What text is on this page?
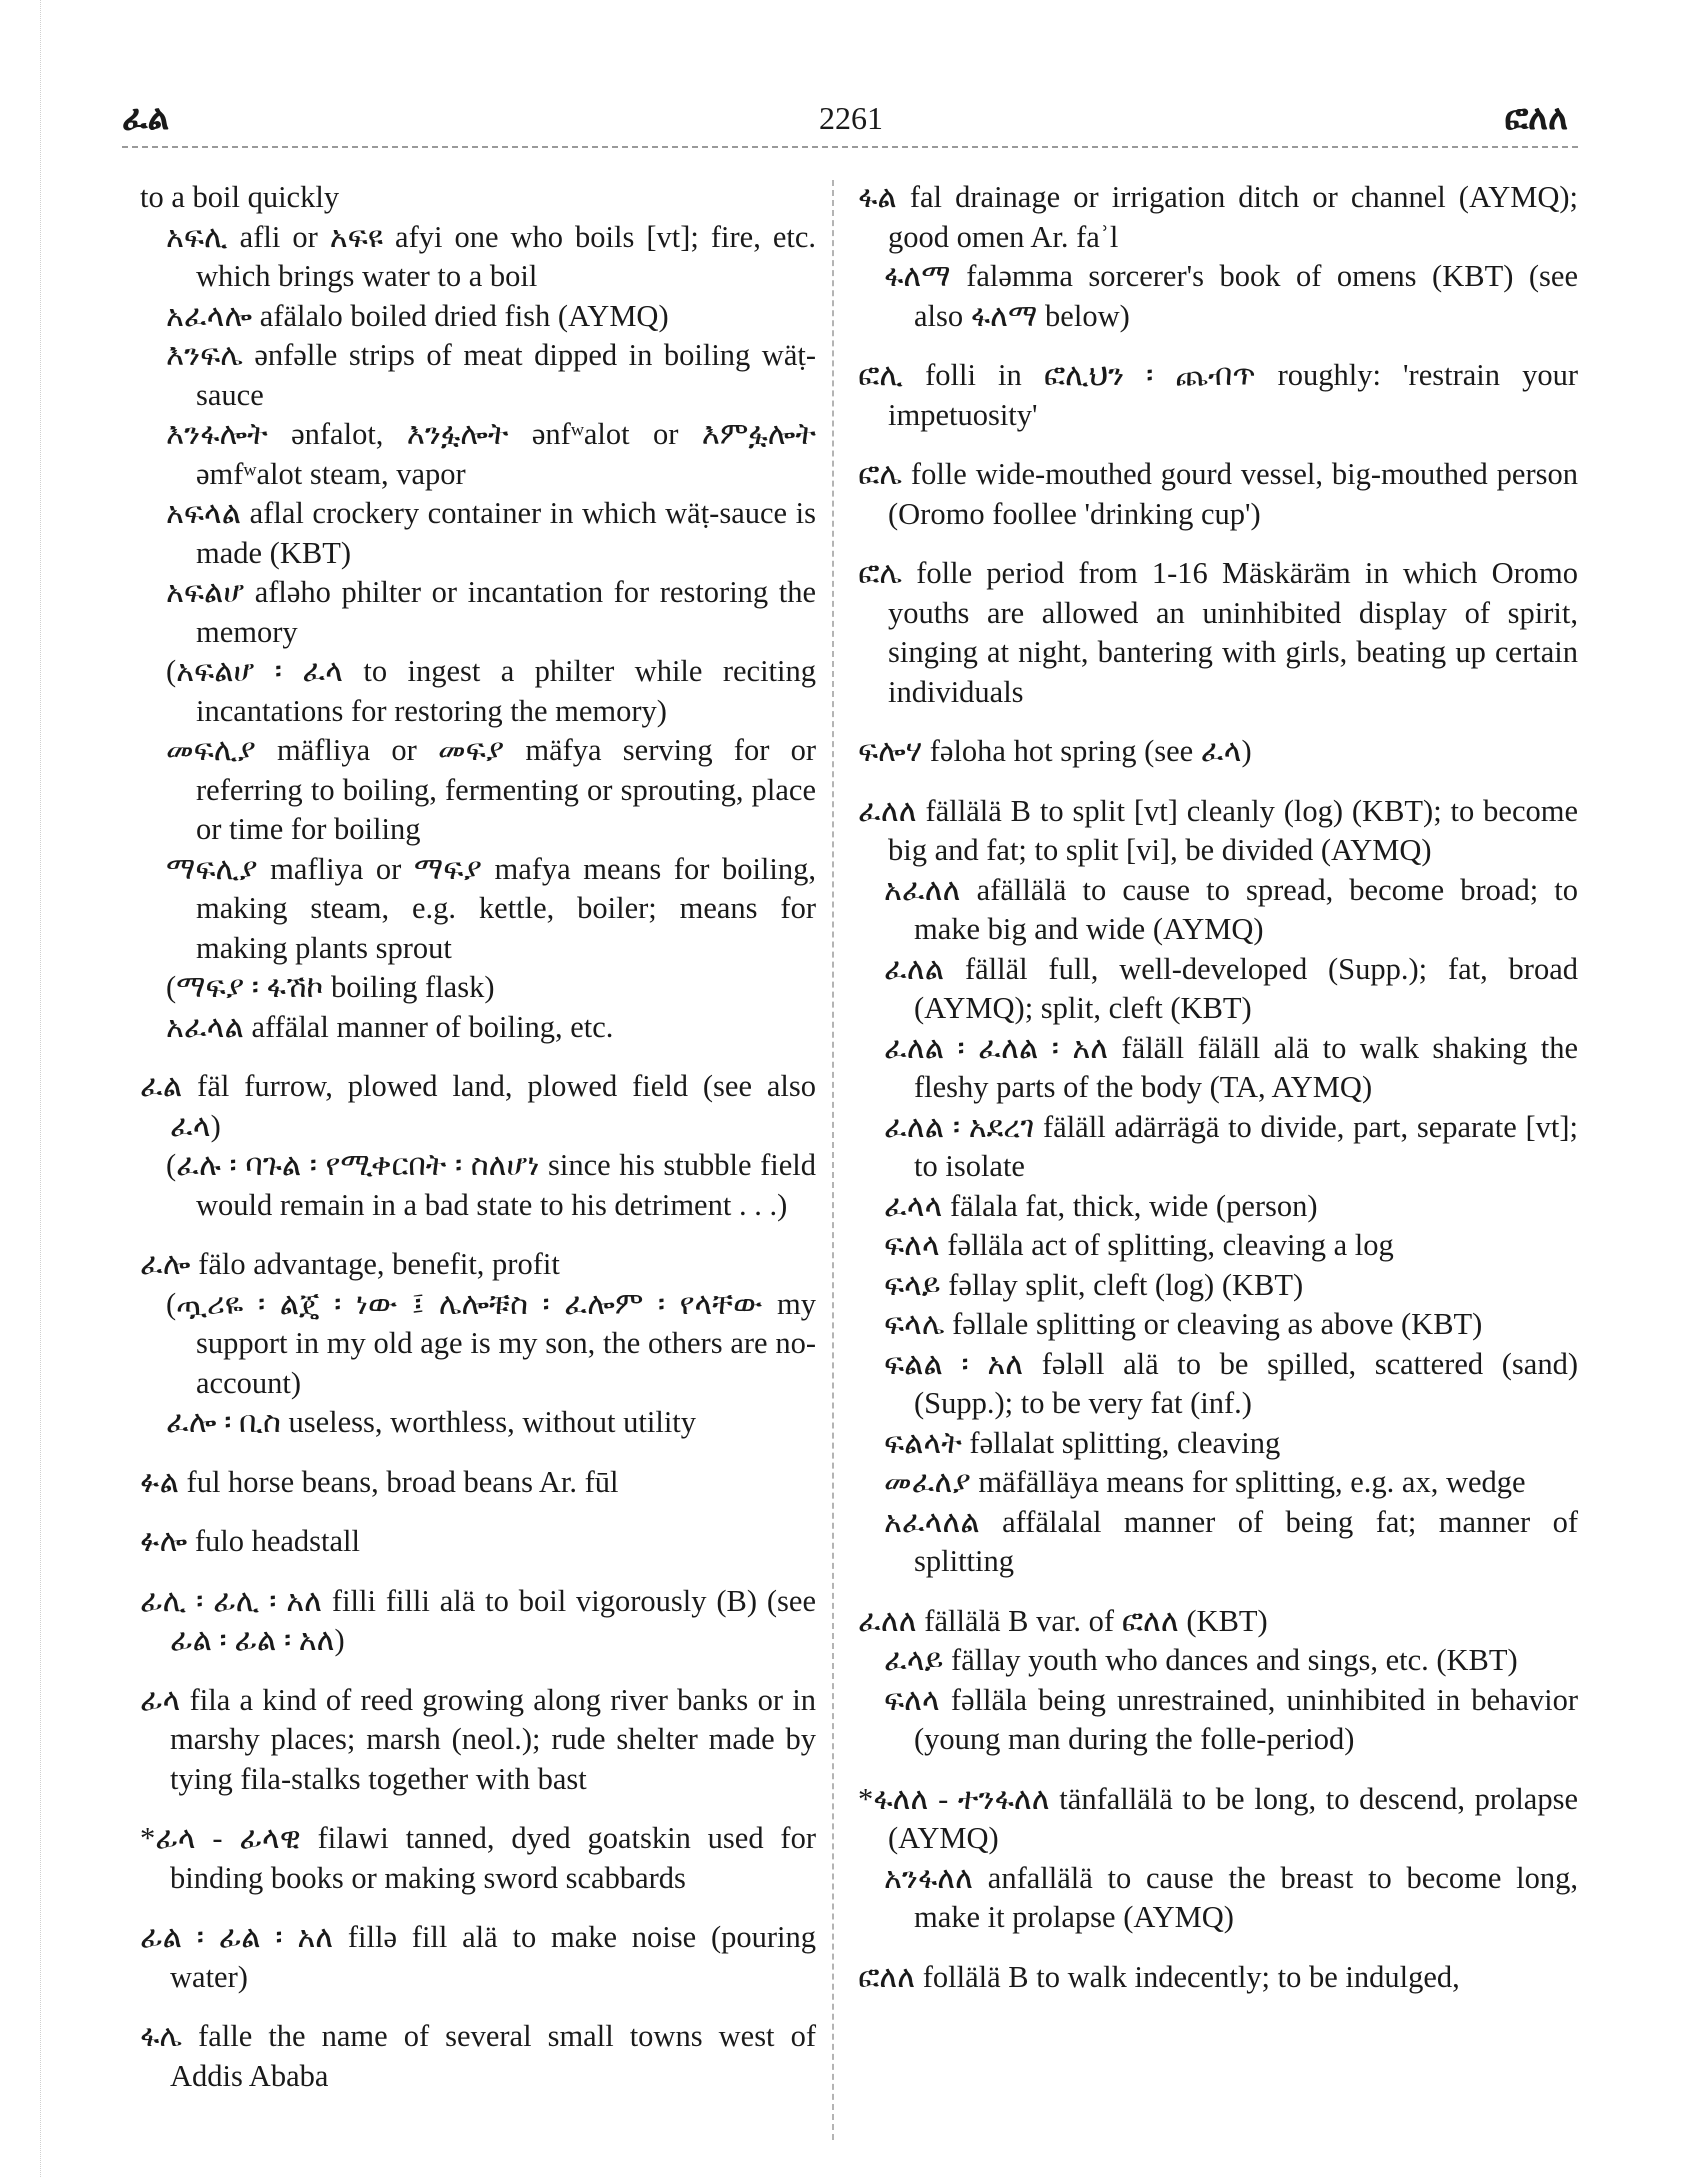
ፈል	2261	ፎለለ
to a boil quickly
አፍሊ afli or አፍዩ afyi one who boils [vt]; fire, etc. which brings water to a boil
አፈላሎ afälalo boiled dried fish (AYMQ)
እንፍሌ ənfəlle strips of meat dipped in boiling wäṭ-sauce
እንፋሎት ənfalot, እንፏሎት ənfʷalot or እምፏሎት əmfʷalot steam, vapor
አፍላል aflal crockery container in which wäṭ-sauce is made (KBT)
አፍልሆ afləho philter or incantation for restoring the memory
(አፍልሆ ፡ ፈላ to ingest a philter while reciting incantations for restoring the memory)
መፍሊያ mäfliya or መፍያ mäfya serving for or referring to boiling, fermenting or sprouting, place or time for boiling
ማፍሊያ mafliya or ማፍያ mafya means for boiling, making steam, e.g. kettle, boiler; means for making plants sprout
(ማፍያ ፡ ፋሽኮ boiling flask)
አፈላል affälal manner of boiling, etc.
ፈል fäl furrow, plowed land, plowed field (see also ፈላ)
(ፈሉ ፡ ባጉል ፡ የሚቀርበት ፡ ስለሆነ since his stubble field would remain in a bad state to his detriment . . .)
ፈሎ fälo advantage, benefit, profit
(ጧሪዬ ፡ ልጄ ፡ ነው ፤ ሌሎቹስ ፡ ፈሎም ፡ የላቸው my support in my old age is my son, the others are no-account)
ፈሎ ፡ ቢስ useless, worthless, without utility
ፉል ful horse beans, broad beans Ar. fūl
ፉሎ fulo headstall
ፊሊ ፡ ፊሊ ፡ አለ filli filli alä to boil vigorously (B) (see ፊል ፡ ፊል ፡ አለ)
ፊላ fila a kind of reed growing along river banks or in marshy places; marsh (neol.); rude shelter made by tying fila-stalks together with bast
*ፊላ - ፊላዊ filawi tanned, dyed goatskin used for binding books or making sword scabbards
ፊል ፡ ፊል ፡ አለ fillə fill alä to make noise (pouring water)
ፋሌ falle the name of several small towns west of Addis Ababa
ፋል fal drainage or irrigation ditch or channel (AYMQ); good omen Ar. faʾl
ፋለማ faləmma sorcerer's book of omens (KBT) (see also ፋለማ below)
ፎሊ folli in ፎሊህን ፡ ጨብጥ roughly: 'restrain your impetuosity'
ፎሌ folle wide-mouthed gourd vessel, big-mouthed person (Oromo foollee 'drinking cup')
ፎሌ folle period from 1-16 Mäskäräm in which Oromo youths are allowed an uninhibited display of spirit, singing at night, bantering with girls, beating up certain individuals
ፍሎሃ fəloha hot spring (see ፈላ)
ፈለለ fällälä B to split [vt] cleanly (log) (KBT); to become big and fat; to split [vi], be divided (AYMQ)
አፈለለ afällälä to cause to spread, become broad; to make big and wide (AYMQ)
ፈለል fälläl full, well-developed (Supp.); fat, broad (AYMQ); split, cleft (KBT)
ፈለል ፡ ፈለል ፡ አለ fäläll fäläll alä to walk shaking the fleshy parts of the body (TA, AYMQ)
ፈለል ፡ አደረገ fäläll adärrägä to divide, part, separate [vt]; to isolate
ፈላላ fälala fat, thick, wide (person)
ፍለላ fəlläla act of splitting, cleaving a log
ፍላይ fəllay split, cleft (log) (KBT)
ፍላሌ fəllale splitting or cleaving as above (KBT)
ፍልል ፡ አለ fələll alä to be spilled, scattered (sand) (Supp.); to be very fat (inf.)
ፍልላት fəllalat splitting, cleaving
መፈለያ mäfälläya means for splitting, e.g. ax, wedge
አፈላለል affälalal manner of being fat; manner of splitting
ፈለለ fällälä B var. of ፎለለ (KBT)
ፈላይ fällay youth who dances and sings, etc. (KBT)
ፍለላ fəlläla being unrestrained, uninhibited in behavior (young man during the folle-period)
*ፋለለ - ተንፋለለ tänfallälä to be long, to descend, prolapse (AYMQ)
አንፋለለ anfallälä to cause the breast to become long, make it prolapse (AYMQ)
ፎለለ follälä B to walk indecently; to be indulged,
